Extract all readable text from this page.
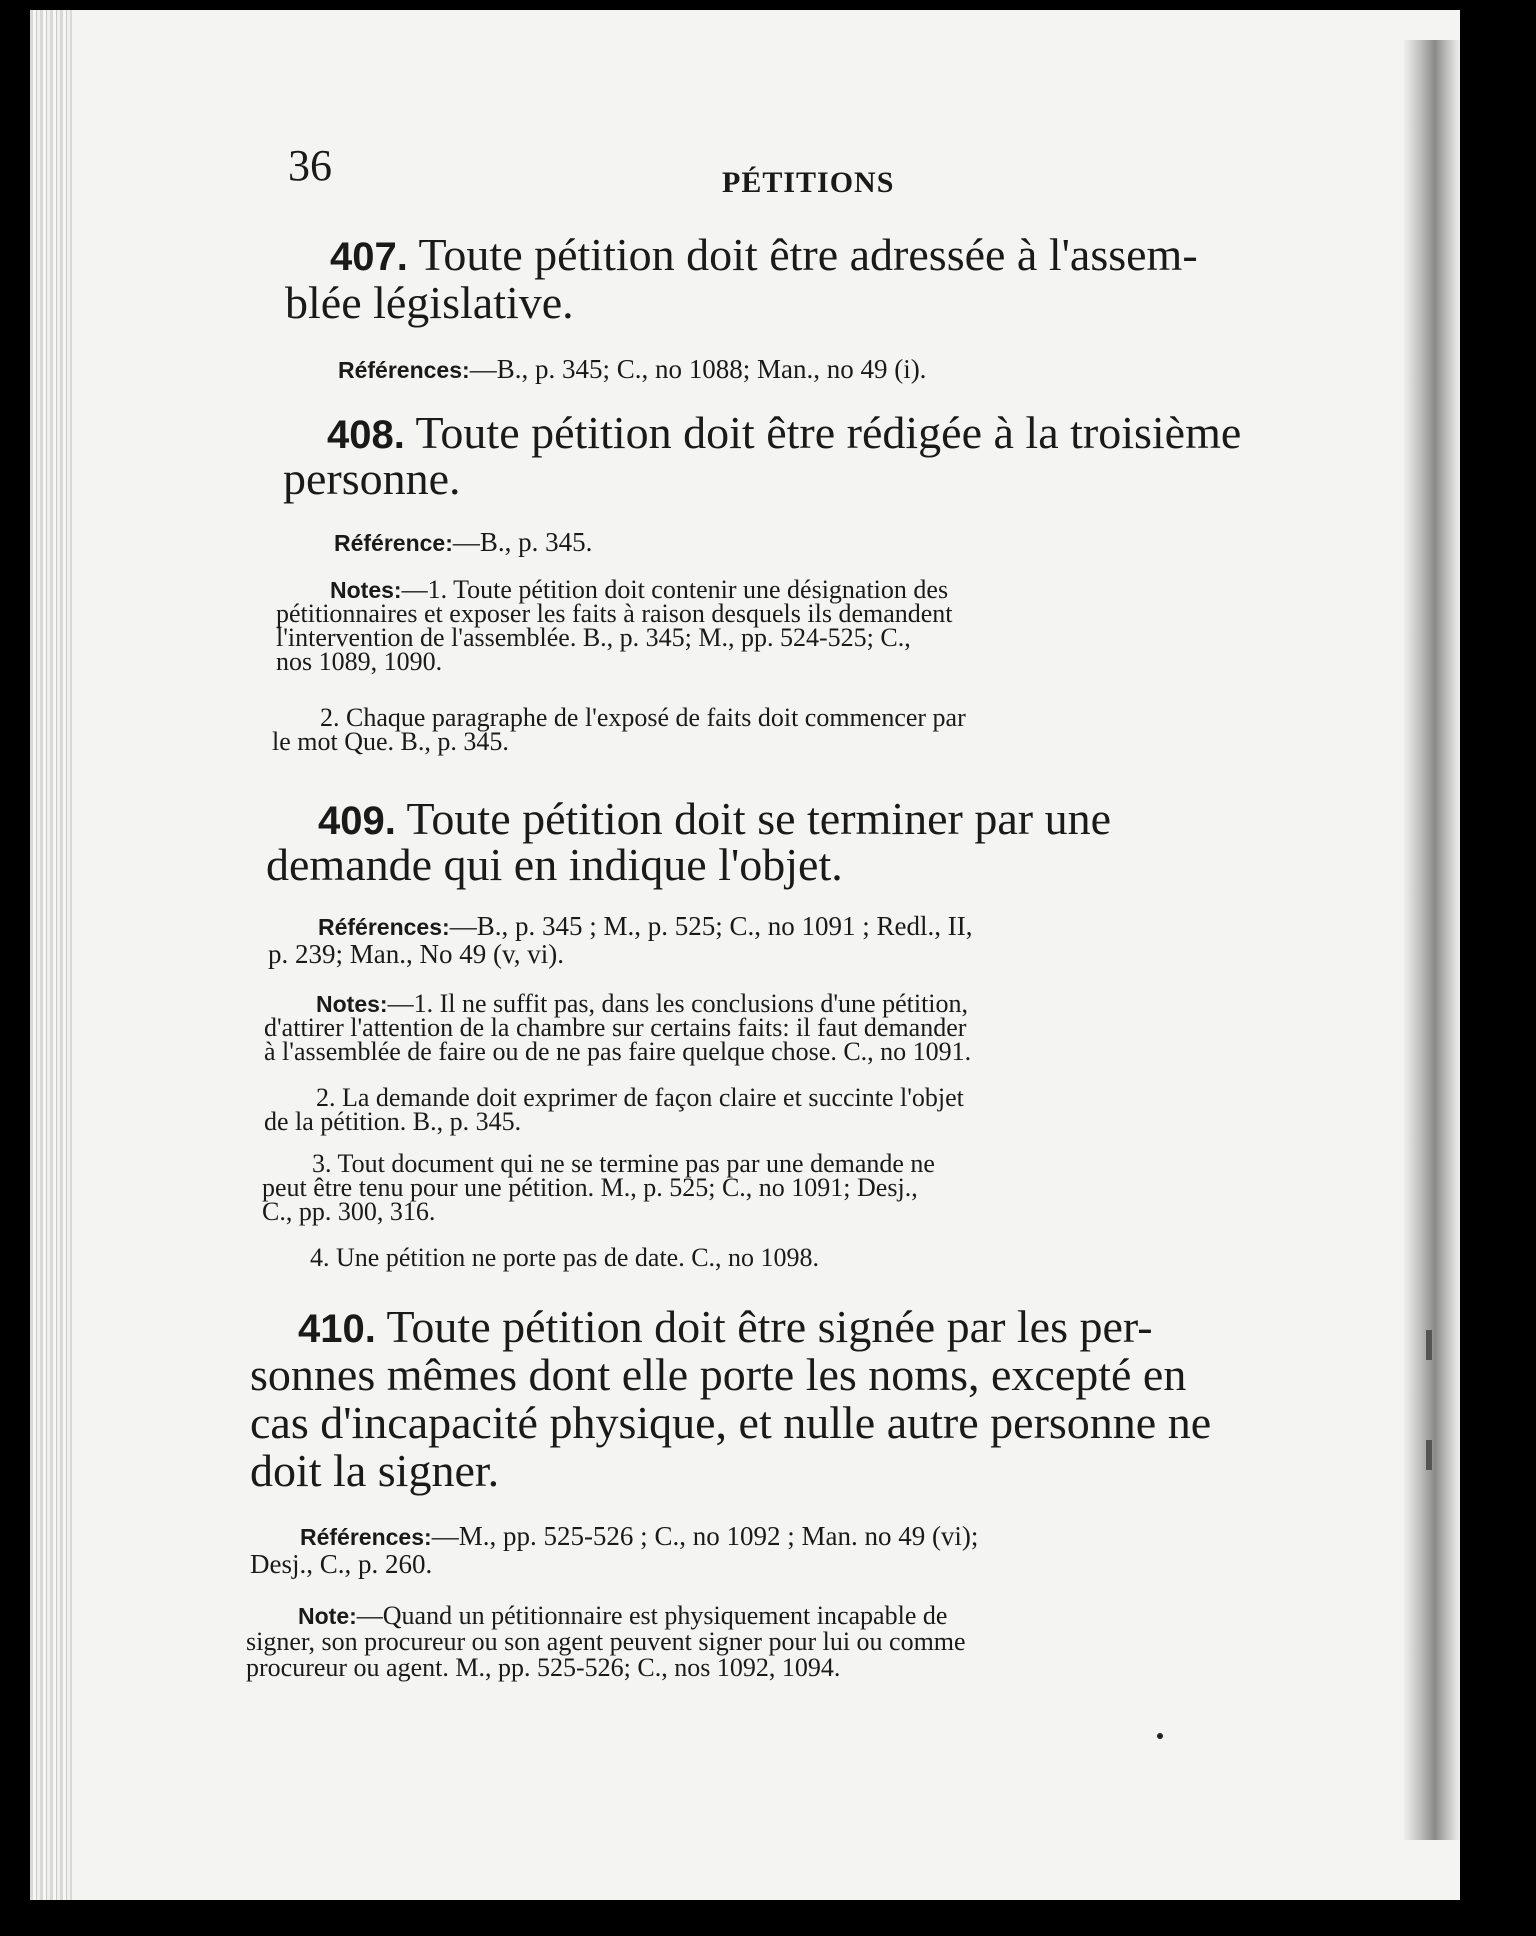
36	PÉTITIONS
407. Toute pétition doit être adressée à l'assem-
blée législative.
Références:—B., p. 345; C., no 1088; Man., no 49 (i).
408. Toute pétition doit être rédigée à la troisième
personne.
Référence:—B., p. 345.
Notes:—1. Toute pétition doit contenir une désignation des
pétitionnaires et exposer les faits à raison desquels ils demandent
l'intervention de l'assemblée. B., p. 345; M., pp. 524-525; C.,
nos 1089, 1090.
2. Chaque paragraphe de l'exposé de faits doit commencer par
le mot Que. B., p. 345.
409. Toute pétition doit se terminer par une
demande qui en indique l'objet.
Références:—B., p. 345 ; M., p. 525; C., no 1091 ; Redl., II,
p. 239; Man., No 49 (v, vi).
Notes:—1. Il ne suffit pas, dans les conclusions d'une pétition,
d'attirer l'attention de la chambre sur certains faits: il faut demander
à l'assemblée de faire ou de ne pas faire quelque chose. C., no 1091.
2. La demande doit exprimer de façon claire et succinte l'objet
de la pétition. B., p. 345.
3. Tout document qui ne se termine pas par une demande ne
peut être tenu pour une pétition. M., p. 525; C., no 1091; Desj.,
C., pp. 300, 316.
4. Une pétition ne porte pas de date. C., no 1098.
410. Toute pétition doit être signée par les per-
sonnes mêmes dont elle porte les noms, excepté en
cas d'incapacité physique, et nulle autre personne ne
doit la signer.
Références:—M., pp. 525-526 ; C., no 1092 ; Man. no 49 (vi);
Desj., C., p. 260.
Note:—Quand un pétitionnaire est physiquement incapable de
signer, son procureur ou son agent peuvent signer pour lui ou comme
procureur ou agent. M., pp. 525-526; C., nos 1092, 1094.
